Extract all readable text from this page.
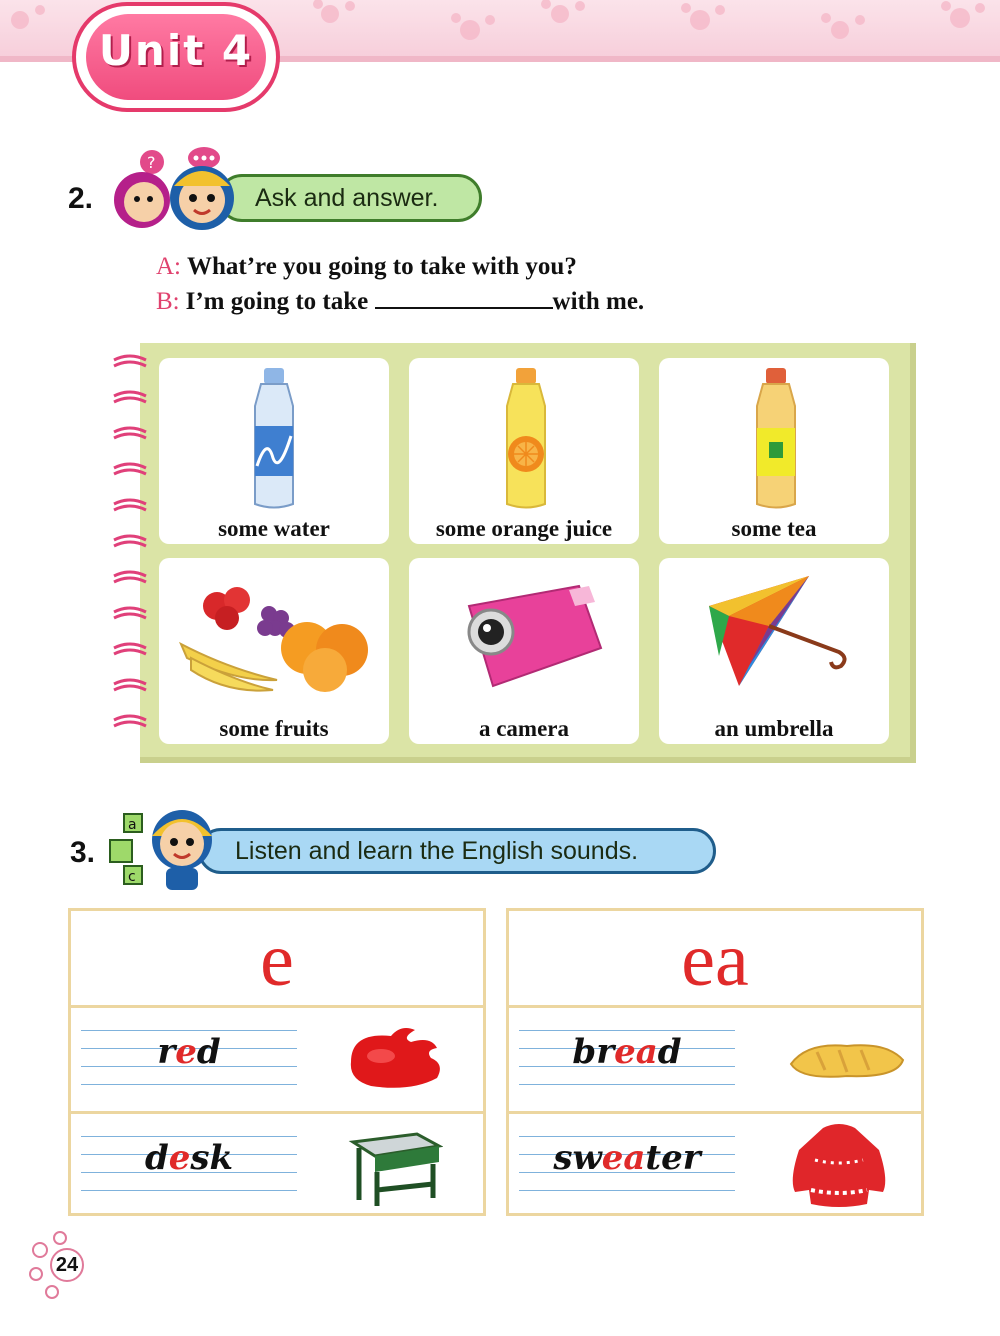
Unit 4
2.	Ask and answer.
?
A: What’re you going to take with you?
B: I’m going to take	with me.
some water	some orange juice	some tea
some fruits	a camera	an umbrella
3.	Listen and learn the English sounds.
a
c
e
red
desk
ea
bread
sweater
24
